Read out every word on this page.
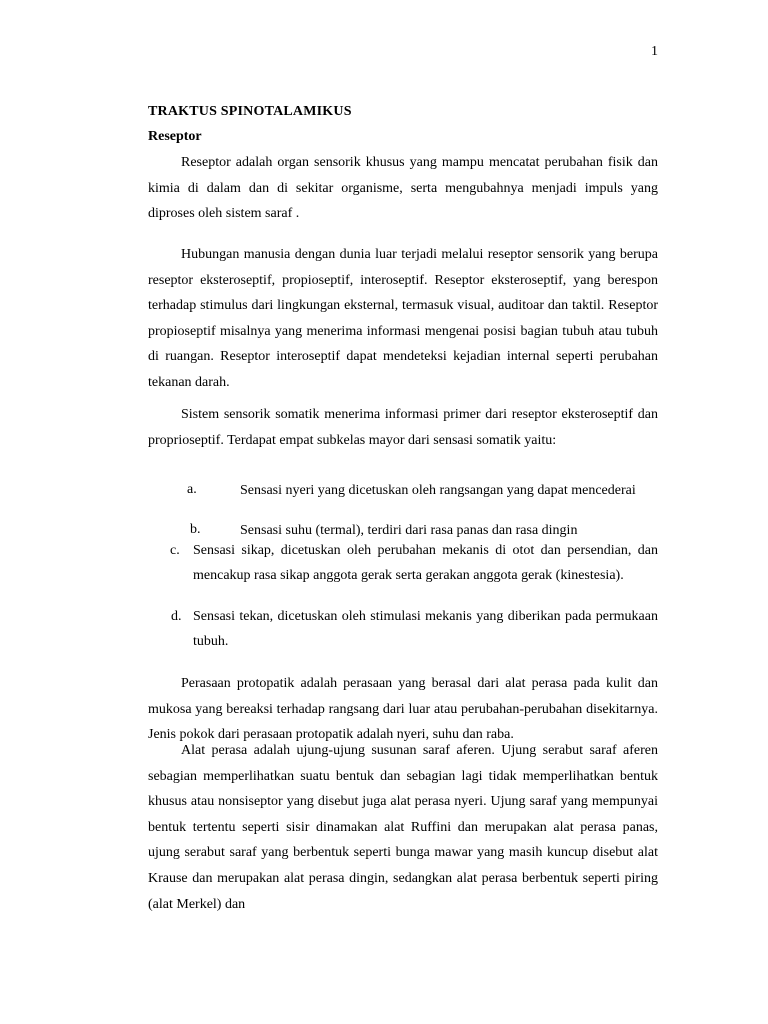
1
TRAKTUS SPINOTALAMIKUS
Reseptor

Reseptor adalah organ sensorik khusus yang mampu mencatat perubahan fisik dan kimia di dalam dan di sekitar organisme, serta mengubahnya menjadi impuls yang diproses oleh sistem saraf .

Hubungan manusia dengan dunia luar terjadi melalui reseptor sensorik yang berupa reseptor eksteroseptif, propioseptif, interoseptif. Reseptor eksteroseptif, yang berespon terhadap stimulus dari lingkungan eksternal, termasuk visual, auditoar dan taktil. Reseptor propioseptif misalnya yang menerima informasi mengenai posisi bagian tubuh atau tubuh di ruangan. Reseptor interoseptif dapat mendeteksi kejadian internal seperti perubahan tekanan darah.

Sistem sensorik somatik menerima informasi primer dari reseptor eksteroseptif dan proprioseptif. Terdapat empat subkelas mayor dari sensasi somatik yaitu:

a.	Sensasi nyeri yang dicetuskan oleh rangsangan yang dapat mencederai

b.	Sensasi suhu (termal), terdiri dari rasa panas dan rasa dingin

c. Sensasi sikap, dicetuskan oleh perubahan mekanis di otot dan persendian, dan mencakup rasa sikap anggota gerak serta gerakan anggota gerak (kinestesia).

d. Sensasi tekan, dicetuskan oleh stimulasi mekanis yang diberikan pada permukaan tubuh.

Perasaan protopatik adalah perasaan yang berasal dari alat perasa pada kulit dan mukosa yang bereaksi terhadap rangsang dari luar atau perubahan-perubahan disekitarnya. Jenis pokok dari perasaan protopatik adalah nyeri, suhu dan raba.

Alat perasa adalah ujung-ujung susunan saraf aferen. Ujung serabut saraf aferen sebagian memperlihatkan suatu bentuk dan sebagian lagi tidak memperlihatkan bentuk khusus atau nonsiseptor yang disebut juga alat perasa nyeri. Ujung saraf yang mempunyai bentuk tertentu seperti sisir dinamakan alat Ruffini dan merupakan alat perasa panas, ujung serabut saraf yang berbentuk seperti bunga mawar yang masih kuncup disebut alat Krause dan merupakan alat perasa dingin, sedangkan alat perasa berbentuk seperti piring (alat Merkel) dan
